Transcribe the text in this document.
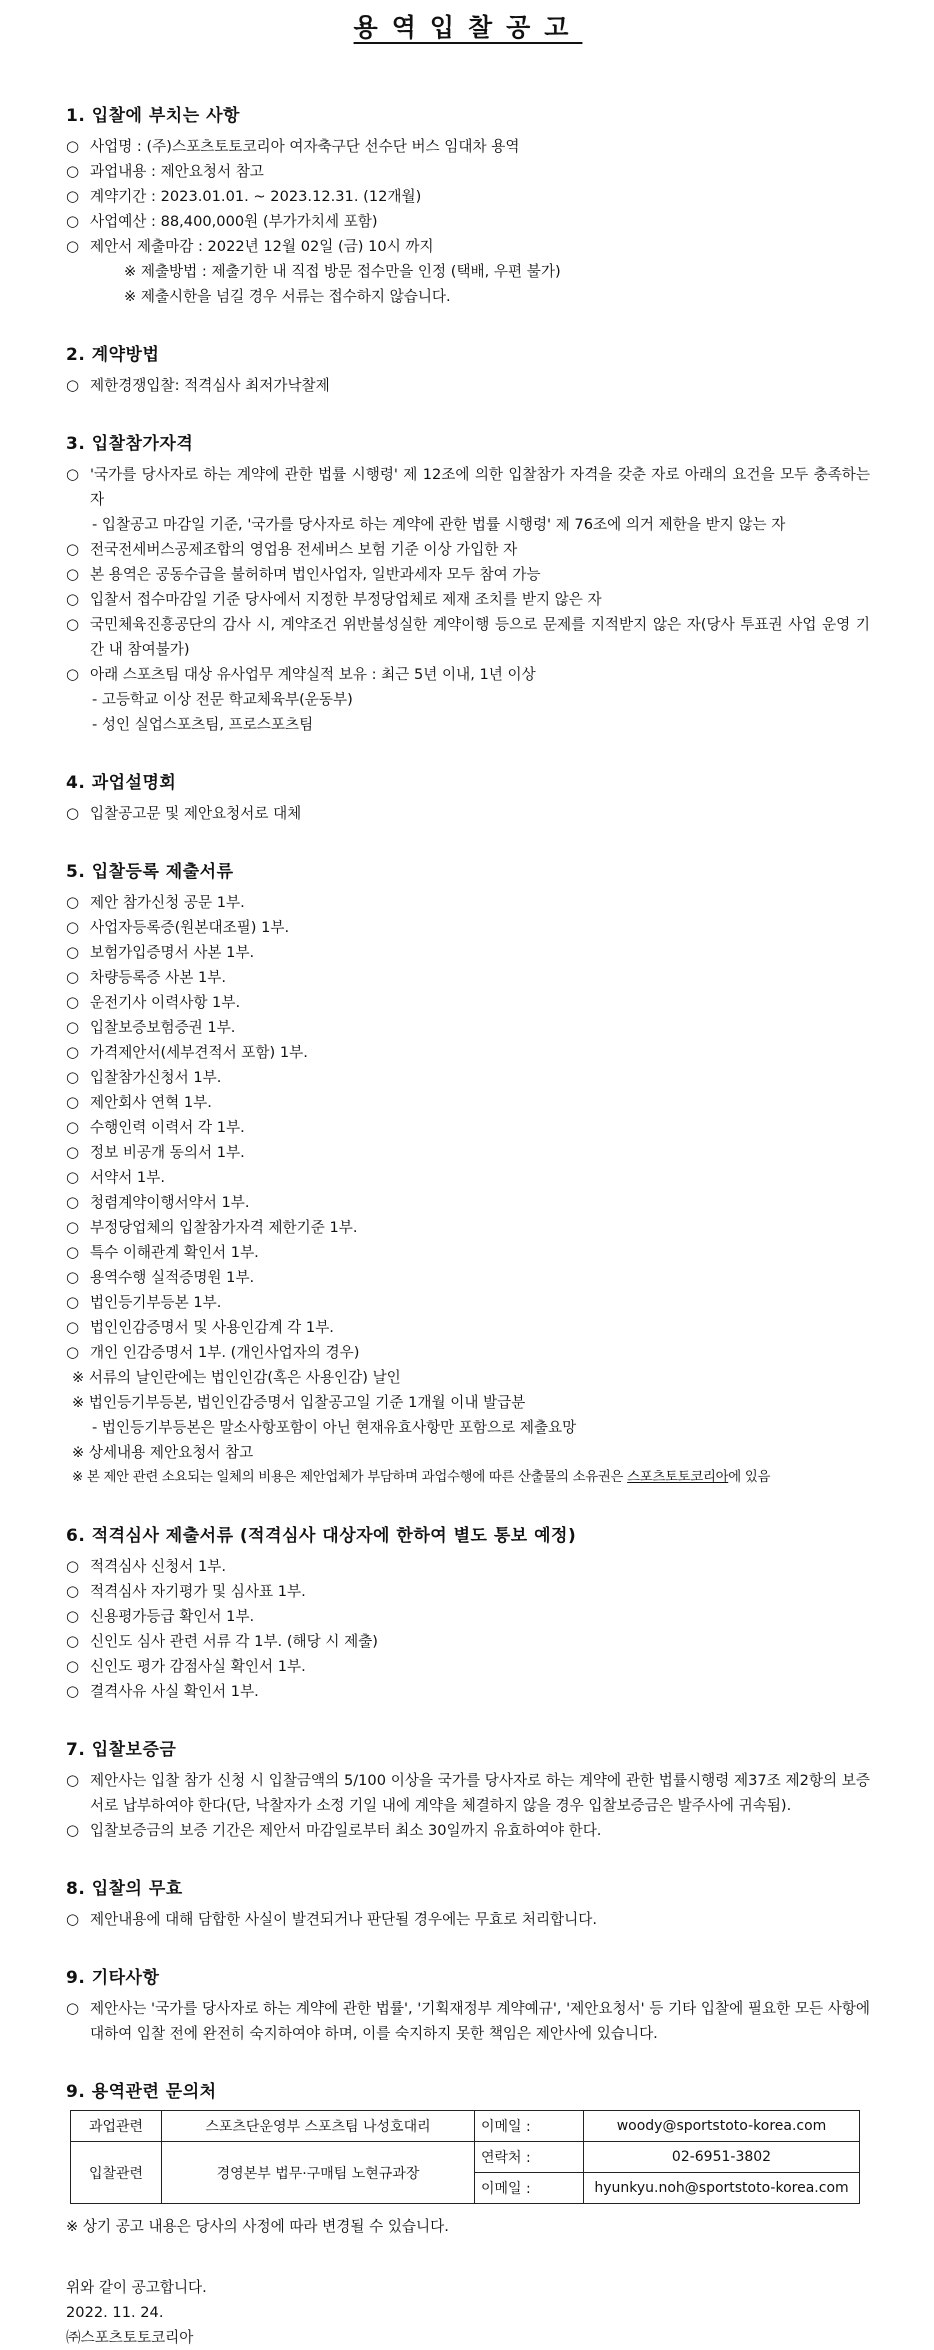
용역입찰공고
1. 입찰에 부치는 사항
○ 사업명 : (주)스포츠토토코리아 여자축구단 선수단 버스 임대차 용역
○ 과업내용 : 제안요청서 참고
○ 계약기간 : 2023.01.01. ~ 2023.12.31. (12개월)
○ 사업예산 : 88,400,000원 (부가가치세 포함)
○ 제안서 제출마감 : 2022년 12월 02일 (금) 10시 까지
※ 제출방법 : 제출기한 내 직접 방문 접수만을 인정 (택배, 우편 불가)
※ 제출시한을 넘길 경우 서류는 접수하지 않습니다.
2. 계약방법
○ 제한경쟁입찰: 적격심사 최저가낙찰제
3. 입찰참가자격
○ '국가를 당사자로 하는 계약에 관한 법률 시행령' 제 12조에 의한 입찰참가 자격을 갖춘 자로 아래의 요건을 모두 충족하는 자
- 입찰공고 마감일 기준, '국가를 당사자로 하는 계약에 관한 법률 시행령' 제 76조에 의거 제한을 받지 않는 자
○ 전국전세버스공제조합의 영업용 전세버스 보험 기준 이상 가입한 자
○ 본 용역은 공동수급을 불허하며 법인사업자, 일반과세자 모두 참여 가능
○ 입찰서 접수마감일 기준 당사에서 지정한 부정당업체로 제재 조치를 받지 않은 자
○ 국민체육진흥공단의 감사 시, 계약조건 위반불성실한 계약이행 등으로 문제를 지적받지 않은 자(당사 투표권 사업 운영 기간 내 참여불가)
○ 아래 스포츠팀 대상 유사업무 계약실적 보유 : 최근 5년 이내, 1년 이상
- 고등학교 이상 전문 학교체육부(운동부)
- 성인 실업스포츠팀, 프로스포츠팀
4. 과업설명회
○ 입찰공고문 및 제안요청서로 대체
5. 입찰등록 제출서류
○ 제안 참가신청 공문 1부.
○ 사업자등록증(원본대조필) 1부.
○ 보험가입증명서 사본 1부.
○ 차량등록증 사본 1부.
○ 운전기사 이력사항 1부.
○ 입찰보증보험증권 1부.
○ 가격제안서(세부견적서 포함) 1부.
○ 입찰참가신청서 1부.
○ 제안회사 연혁 1부.
○ 수행인력 이력서 각 1부.
○ 정보 비공개 동의서 1부.
○ 서약서 1부.
○ 청렴계약이행서약서 1부.
○ 부정당업체의 입찰참가자격 제한기준 1부.
○ 특수 이해관계 확인서 1부.
○ 용역수행 실적증명원 1부.
○ 법인등기부등본 1부.
○ 법인인감증명서 및 사용인감계 각 1부.
○ 개인 인감증명서 1부. (개인사업자의 경우)
※ 서류의 날인란에는 법인인감(혹은 사용인감) 날인
※ 법인등기부등본, 법인인감증명서 입찰공고일 기준 1개월 이내 발급분
- 법인등기부등본은 말소사항포함이 아닌 현재유효사항만 포함으로 제출요망
※ 상세내용 제안요청서 참고
※ 본 제안 관련 소요되는 일체의 비용은 제안업체가 부담하며 과업수행에 따른 산출물의 소유권은 스포츠토토코리아에 있음
6. 적격심사 제출서류 (적격심사 대상자에 한하여 별도 통보 예정)
○ 적격심사 신청서 1부.
○ 적격심사 자기평가 및 심사표 1부.
○ 신용평가등급 확인서 1부.
○ 신인도 심사 관련 서류 각 1부. (해당 시 제출)
○ 신인도 평가 감점사실 확인서 1부.
○ 결격사유 사실 확인서 1부.
7. 입찰보증금
○ 제안사는 입찰 참가 신청 시 입찰금액의 5/100 이상을 국가를 당사자로 하는 계약에 관한 법률시행령 제37조 제2항의 보증서로 납부하여야 한다(단, 낙찰자가 소정 기일 내에 계약을 체결하지 않을 경우 입찰보증금은 발주사에 귀속됨).
○ 입찰보증금의 보증 기간은 제안서 마감일로부터 최소 30일까지 유효하여야 한다.
8. 입찰의 무효
○ 제안내용에 대해 담합한 사실이 발견되거나 판단될 경우에는 무효로 처리합니다.
9. 기타사항
○ 제안사는 '국가를 당사자로 하는 계약에 관한 법률', '기획재정부 계약예규', '제안요청서' 등 기타 입찰에 필요한 모든 사항에 대하여 입찰 전에 완전히 숙지하여야 하며, 이를 숙지하지 못한 책임은 제안사에 있습니다.
9. 용역관련 문의처
과업관련	스포츠단운영부 스포츠팀 나성호대리	이메일 :	woody@sportstoto-korea.com
입찰관련	경영본부 법무·구매팀 노현규과장	연락처 :	02-6951-3802
		이메일 :	hyunkyu.noh@sportstoto-korea.com
※ 상기 공고 내용은 당사의 사정에 따라 변경될 수 있습니다.
위와 같이 공고합니다.
2022. 11. 24.
㈜스포츠토토코리아
